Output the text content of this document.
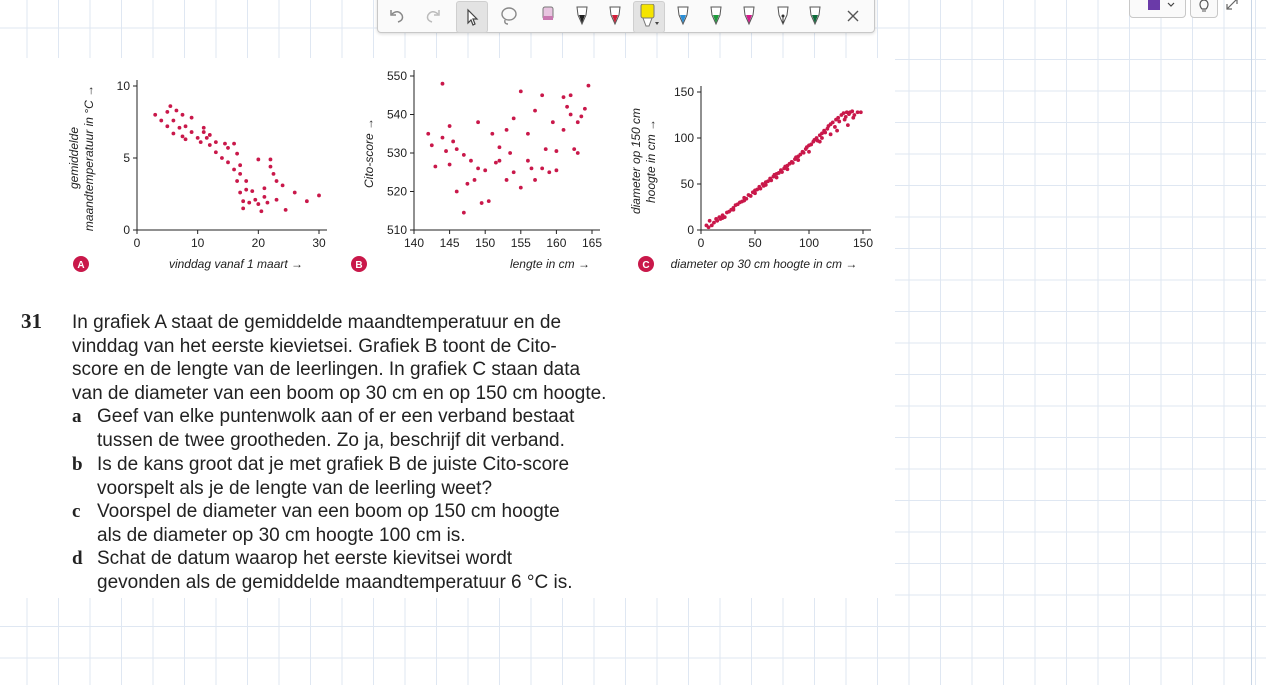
0	10	20	30
0
5
10
vinddag vanaf 1 maart →
gemiddelde maandtemperatuur in °C →
A
140 145 150 155 160 165
510
520
530
540
550
lengte in cm →
Cito-score →
B
0	50	100	150
0
50
100
150
diameter op 30 cm hoogte in cm →
diameter op 150 cm hoogte in cm →
C
31 In grafiek A staat de gemiddelde maandtemperatuur en de
vinddag van het eerste kievietsei. Grafiek B toont de Cito-
score en de lengte van de leerlingen. In grafiek C staan data
van de diameter van een boom op 30 cm en op 150 cm hoogte.
a Geef van elke puntenwolk aan of er een verband bestaat
tussen de twee grootheden. Zo ja, beschrijf dit verband.
b Is de kans groot dat je met grafiek B de juiste Cito-score
voorspelt als je de lengte van de leerling weet?
c Voorspel de diameter van een boom op 150 cm hoogte
als de diameter op 30 cm hoogte 100 cm is.
d Schat de datum waarop het eerste kievitsei wordt
gevonden als de gemiddelde maandtemperatuur 6 °C is.
